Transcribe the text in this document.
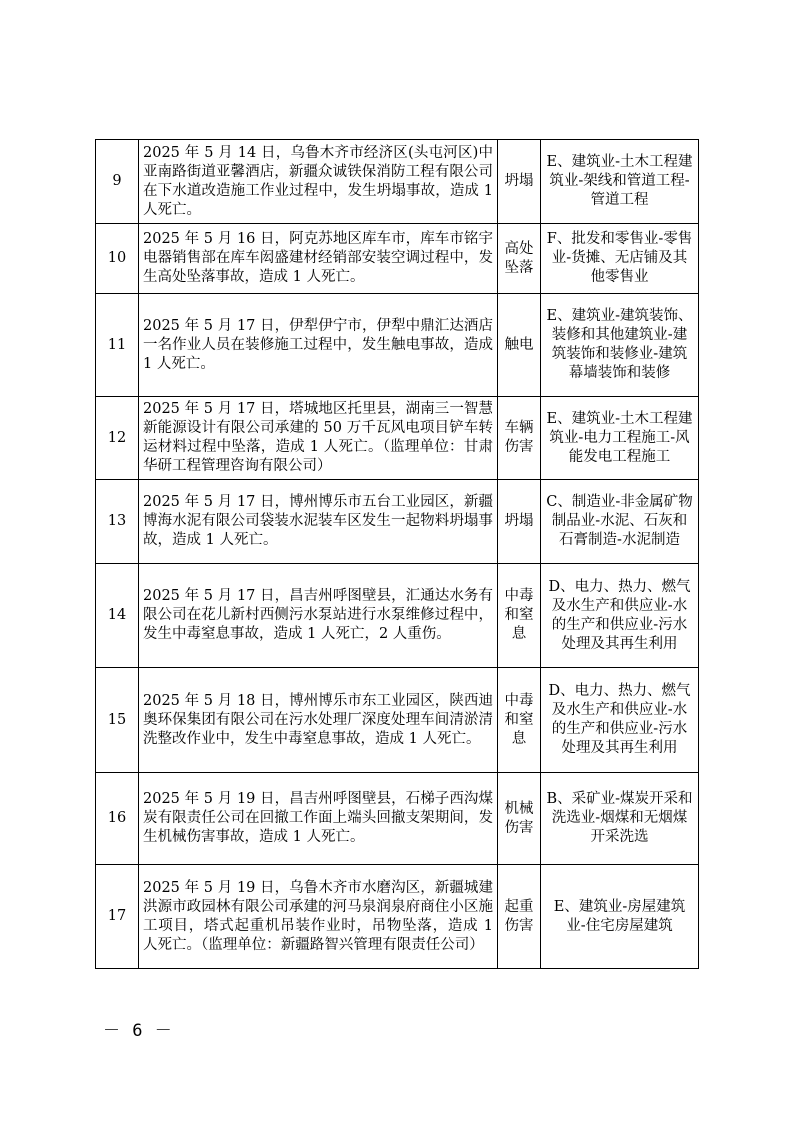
9	2025 年 5 月 14 日，乌鲁木齐市经济区(头屯河区)中亚南路街道亚馨酒店，新疆众诚铁保消防工程有限公司在下水道改造施工作业过程中，发生坍塌事故，造成 1 人死亡。	坍塌	E、建筑业-土木工程建筑业-架线和管道工程-管道工程
10	2025 年 5 月 16 日，阿克苏地区库车市，库车市铭宇电器销售部在库车闳盛建材经销部安装空调过程中，发生高处坠落事故，造成 1 人死亡。	高处坠落	F、批发和零售业-零售业-货摊、无店铺及其他零售业
11	2025 年 5 月 17 日，伊犁伊宁市，伊犁中鼎汇达酒店一名作业人员在装修施工过程中，发生触电事故，造成 1 人死亡。	触电	E、建筑业-建筑装饰、装修和其他建筑业-建筑装饰和装修业-建筑幕墙装饰和装修
12	2025 年 5 月 17 日，塔城地区托里县，湖南三一智慧新能源设计有限公司承建的 50 万千瓦风电项目铲车转运材料过程中坠落，造成 1 人死亡。（监理单位：甘肃华研工程管理咨询有限公司）	车辆伤害	E、建筑业-土木工程建筑业-电力工程施工-风能发电工程施工
13	2025 年 5 月 17 日，博州博乐市五台工业园区，新疆博海水泥有限公司袋装水泥装车区发生一起物料坍塌事故，造成 1 人死亡。	坍塌	C、制造业-非金属矿物制品业-水泥、石灰和石膏制造-水泥制造
14	2025 年 5 月 17 日，昌吉州呼图壁县，汇通达水务有限公司在花儿新村西侧污水泵站进行水泵维修过程中，发生中毒窒息事故，造成 1 人死亡，2 人重伤。	中毒和窒息	D、电力、热力、燃气及水生产和供应业-水的生产和供应业-污水处理及其再生利用
15	2025 年 5 月 18 日，博州博乐市东工业园区，陕西迪奥环保集团有限公司在污水处理厂深度处理车间清淤清洗整改作业中，发生中毒窒息事故，造成 1 人死亡。	中毒和窒息	D、电力、热力、燃气及水生产和供应业-水的生产和供应业-污水处理及其再生利用
16	2025 年 5 月 19 日，昌吉州呼图壁县，石梯子西沟煤炭有限责任公司在回撤工作面上端头回撤支架期间，发生机械伤害事故，造成 1 人死亡。	机械伤害	B、采矿业-煤炭开采和洗选业-烟煤和无烟煤开采洗选
17	2025 年 5 月 19 日，乌鲁木齐市水磨沟区，新疆城建洪源市政园林有限公司承建的河马泉润泉府商住小区施工项目，塔式起重机吊装作业时，吊物坠落，造成 1 人死亡。（监理单位：新疆路智兴管理有限责任公司）	起重伤害	E、建筑业-房屋建筑业-住宅房屋建筑
－ 6 －
